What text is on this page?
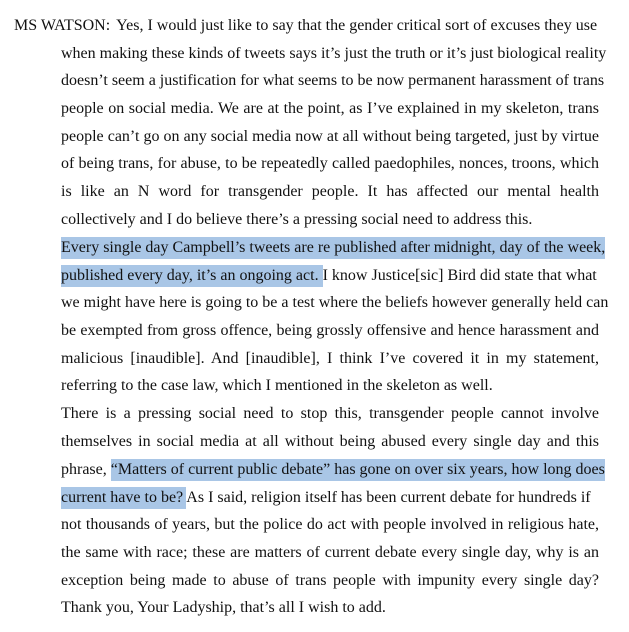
MS WATSON: Yes, I would just like to say that the gender critical sort of excuses they use
when making these kinds of tweets says it’s just the truth or it’s just biological reality
doesn’t seem a justification for what seems to be now permanent harassment of trans
people on social media. We are at the point, as I’ve explained in my skeleton, trans
people can’t go on any social media now at all without being targeted, just by virtue
of being trans, for abuse, to be repeatedly called paedophiles, nonces, troons, which
is like an N word for transgender people. It has affected our mental health
collectively and I do believe there’s a pressing social need to address this.
Every single day Campbell’s tweets are re published after midnight, day of the week,
published every day, it’s an ongoing act. I know Justice[sic] Bird did state that what
we might have here is going to be a test where the beliefs however generally held can
be exempted from gross offence, being grossly offensive and hence harassment and
malicious [inaudible]. And [inaudible], I think I’ve covered it in my statement,
referring to the case law, which I mentioned in the skeleton as well.
There is a pressing social need to stop this, transgender people cannot involve
themselves in social media at all without being abused every single day and this
phrase, “Matters of current public debate” has gone on over six years, how long does
current have to be? As I said, religion itself has been current debate for hundreds if
not thousands of years, but the police do act with people involved in religious hate,
the same with race; these are matters of current debate every single day, why is an
exception being made to abuse of trans people with impunity every single day?
Thank you, Your Ladyship, that’s all I wish to add.
